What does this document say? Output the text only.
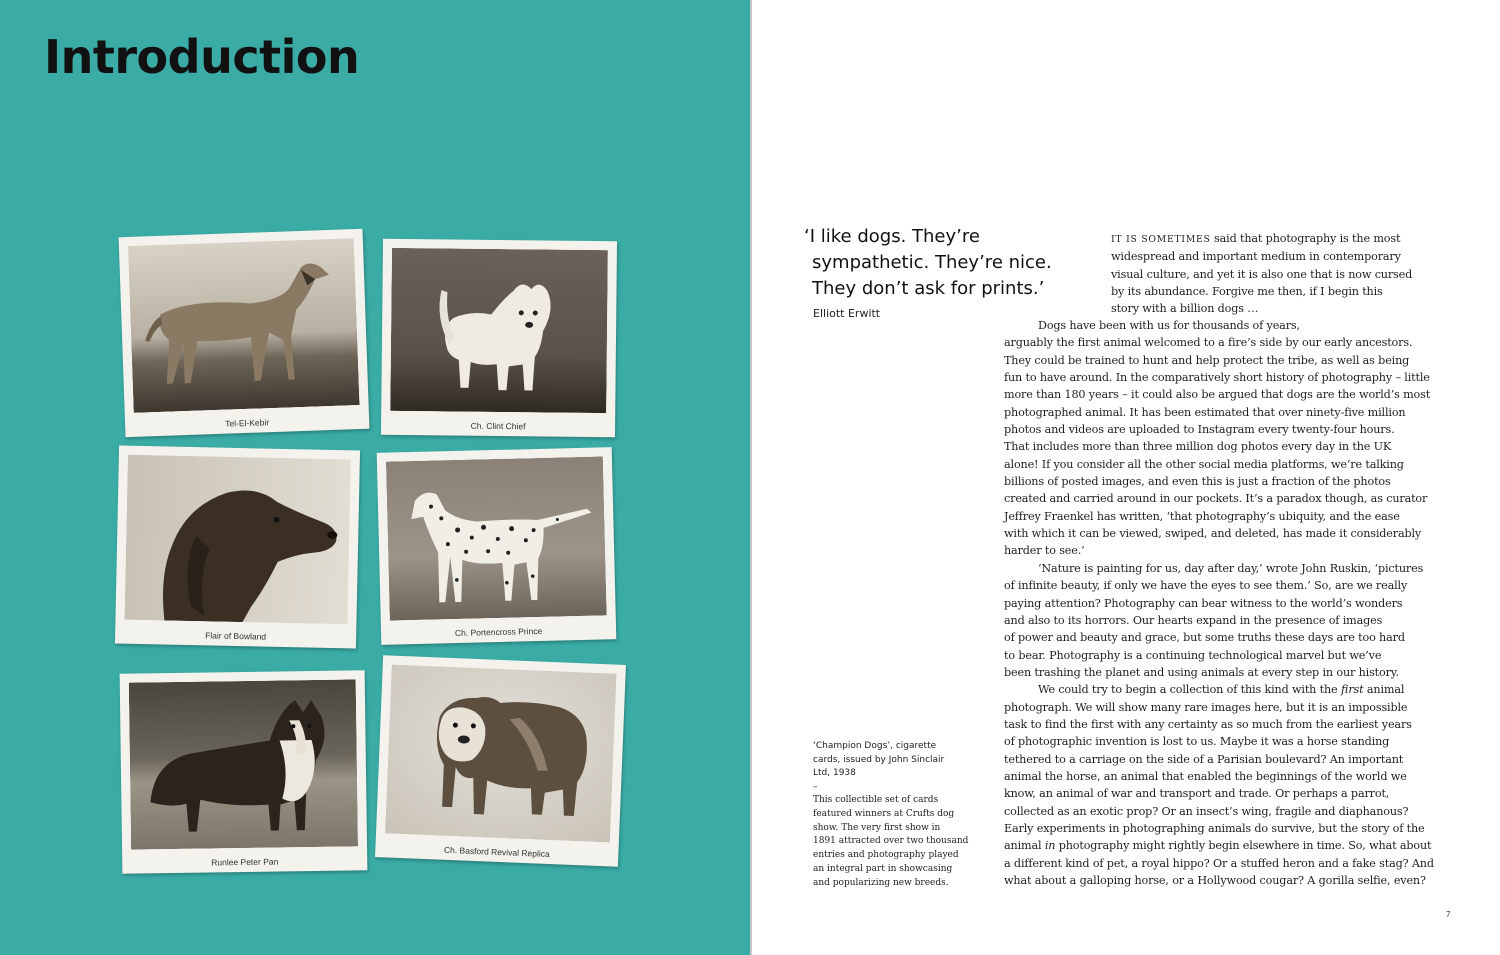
Introduction
Tel-El-Kebir	Ch. Clint Chief
Flair of Bowland	Ch. Portencross Prince
Runlee Peter Pan
Ch. Basford Revival Replica
‘I like dogs. They’re
sympathetic. They’re nice.
They don’t ask for prints.’
Elliott Erwitt
‘Champion Dogs’, cigarette
cards, issued by John Sinclair
Ltd, 1938
–
This collectible set of cards
featured winners at Crufts dog
show. The very first show in
1891 attracted over two thousand
entries and photography played
an integral part in showcasing
and popularizing new breeds.
IT IS SOMETIMES said that photography is the most
widespread and important medium in contemporary
visual culture, and yet it is also one that is now cursed
by its abundance. Forgive me then, if I begin this
story with a billion dogs …
Dogs have been with us for thousands of years,
arguably the first animal welcomed to a fire’s side by our early ancestors.
They could be trained to hunt and help protect the tribe, as well as being
fun to have around. In the comparatively short history of photography – little
more than 180 years – it could also be argued that dogs are the world’s most
photographed animal. It has been estimated that over ninety-five million
photos and videos are uploaded to Instagram every twenty-four hours.
That includes more than three million dog photos every day in the UK
alone! If you consider all the other social media platforms, we’re talking
billions of posted images, and even this is just a fraction of the photos
created and carried around in our pockets. It’s a paradox though, as curator
Jeffrey Fraenkel has written, ‘that photography’s ubiquity, and the ease
with which it can be viewed, swiped, and deleted, has made it considerably
harder to see.’
‘Nature is painting for us, day after day,’ wrote John Ruskin, ‘pictures
of infinite beauty, if only we have the eyes to see them.’ So, are we really
paying attention? Photography can bear witness to the world’s wonders
and also to its horrors. Our hearts expand in the presence of images
of power and beauty and grace, but some truths these days are too hard
to bear. Photography is a continuing technological marvel but we’ve
been trashing the planet and using animals at every step in our history.
We could try to begin a collection of this kind with the first animal
photograph. We will show many rare images here, but it is an impossible
task to find the first with any certainty as so much from the earliest years
of photographic invention is lost to us. Maybe it was a horse standing
tethered to a carriage on the side of a Parisian boulevard? An important
animal the horse, an animal that enabled the beginnings of the world we
know, an animal of war and transport and trade. Or perhaps a parrot,
collected as an exotic prop? Or an insect’s wing, fragile and diaphanous?
Early experiments in photographing animals do survive, but the story of the
animal in photography might rightly begin elsewhere in time. So, what about
a different kind of pet, a royal hippo? Or a stuffed heron and a fake stag? And
what about a galloping horse, or a Hollywood cougar? A gorilla selfie, even?
7
